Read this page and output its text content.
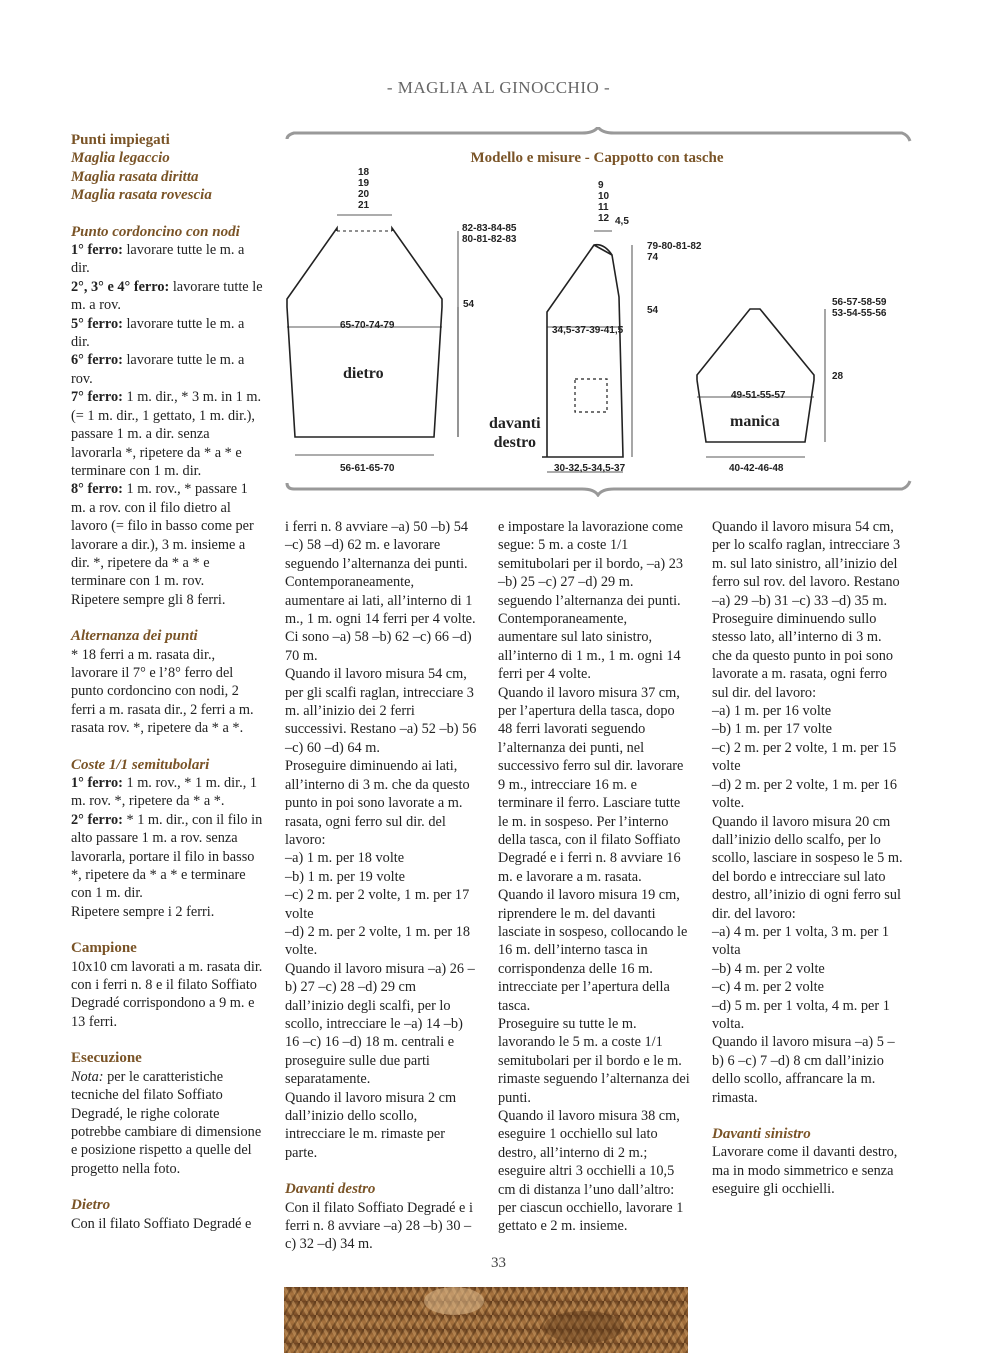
- MAGLIA AL GINOCCHIO -
Modello e misure - Cappotto con tasche
18
19
20
21
82-83-84-85
80-81-82-83
54
65-70-74-79
dietro
56-61-65-70
9
10
11
12 4,5
79-80-81-82
74
54
34,5-37-39-41,5
davanti
destro
30-32,5-34,5-37
56-57-58-59
53-54-55-56
28
49-51-55-57
manica
40-42-46-48

Punti impiegati

Maglia legaccio

Maglia rasata diritta

Maglia rasata rovescia

Punto cordoncino con nodi

1° ferro: lavorare tutte le m. a dir.

2°, 3° e 4° ferro: lavorare tutte le m. a rov.

5° ferro: lavorare tutte le m. a dir.

6° ferro: lavorare tutte le m. a rov.

7° ferro: 1 m. dir., * 3 m. in 1 m. (= 1 m. dir., 1 gettato, 1 m. dir.), passare 1 m. a dir. senza lavorarla *, ripetere da * a * e terminare con 1 m. dir.

8° ferro: 1 m. rov., * passare 1 m. a rov. con il filo dietro al lavoro (= filo in basso come per lavorare a dir.), 3 m. insieme a dir. *, ripetere da * a * e terminare con 1 m. rov.

Ripetere sempre gli 8 ferri.

Alternanza dei punti

* 18 ferri a m. rasata dir., lavorare il 7° e l’8° ferro del punto cordoncino con nodi, 2 ferri a m. rasata dir., 2 ferri a m. rasata rov. *, ripetere da * a *.

Coste 1/1 semitubolari

1° ferro: 1 m. rov., * 1 m. dir., 1 m. rov. *, ripetere da * a *.

2° ferro: * 1 m. dir., con il filo in alto passare 1 m. a rov. senza lavorarla, portare il filo in basso *, ripetere da * a * e terminare con 1 m. dir.

Ripetere sempre i 2 ferri.

Campione

10x10 cm lavorati a m. rasata dir. con i ferri n. 8 e il filato Soffiato Degradé corrispondono a 9 m. e 13 ferri.

Esecuzione

Nota: per le caratteristiche tecniche del filato Soffiato Degradé, le righe colorate potrebbe cambiare di dimensione e posizione rispetto a quelle del progetto nella foto.

Dietro

Con il filato Soffiato Degradé e

i ferri n. 8 avviare –a) 50 –b) 54 –c) 58 –d) 62 m. e lavorare seguendo l’alternanza dei punti. Contemporaneamente, aumentare ai lati, all’interno di 1 m., 1 m. ogni 14 ferri per 4 volte. Ci sono –a) 58 –b) 62 –c) 66 –d) 70 m.

Quando il lavoro misura 54 cm, per gli scalfi raglan, intrecciare 3 m. all’inizio dei 2 ferri successivi. Restano –a) 52 –b) 56 –c) 60 –d) 64 m.

Proseguire diminuendo ai lati, all’interno di 3 m. che da questo punto in poi sono lavorate a m. rasata, ogni ferro sul dir. del lavoro:

–a) 1 m. per 18 volte

–b) 1 m. per 19 volte

–c) 2 m. per 2 volte, 1 m. per 17 volte

–d) 2 m. per 2 volte, 1 m. per 18 volte.

Quando il lavoro misura –a) 26 –b) 27 –c) 28 –d) 29 cm dall’inizio degli scalfi, per lo scollo, intrecciare le –a) 14 –b) 16 –c) 16 –d) 18 m. centrali e proseguire sulle due parti separatamente.

Quando il lavoro misura 2 cm dall’inizio dello scollo, intrecciare le m. rimaste per parte.

Davanti destro

Con il filato Soffiato Degradé e i ferri n. 8 avviare –a) 28 –b) 30 –c) 32 –d) 34 m.

e impostare la lavorazione come segue: 5 m. a coste 1/1 semitubolari per il bordo, –a) 23 –b) 25 –c) 27 –d) 29 m. seguendo l’alternanza dei punti. Contemporaneamente, aumentare sul lato sinistro, all’interno di 1 m., 1 m. ogni 14 ferri per 4 volte.

Quando il lavoro misura 37 cm, per l’apertura della tasca, dopo 48 ferri lavorati seguendo l’alternanza dei punti, nel successivo ferro sul dir. lavorare 9 m., intrecciare 16 m. e terminare il ferro. Lasciare tutte le m. in sospeso. Per l’interno della tasca, con il filato Soffiato Degradé e i ferri n. 8 avviare 16 m. e lavorare a m. rasata. Quando il lavoro misura 19 cm, riprendere le m. del davanti lasciate in sospeso, collocando le 16 m. dell’interno tasca in corrispondenza delle 16 m. intrecciate per l’apertura della tasca.

Proseguire su tutte le m. lavorando le 5 m. a coste 1/1 semitubolari per il bordo e le m. rimaste seguendo l’alternanza dei punti.

Quando il lavoro misura 38 cm, eseguire 1 occhiello sul lato destro, all’interno di 2 m.; eseguire altri 3 occhielli a 10,5 cm di distanza l’uno dall’altro: per ciascun occhiello, lavorare 1 gettato e 2 m. insieme.

Quando il lavoro misura 54 cm, per lo scalfo raglan, intrecciare 3 m. sul lato sinistro, all’inizio del ferro sul rov. del lavoro. Restano –a) 29 –b) 31 –c) 33 –d) 35 m.

Proseguire diminuendo sullo stesso lato, all’interno di 3 m. che da questo punto in poi sono lavorate a m. rasata, ogni ferro sul dir. del lavoro:

–a) 1 m. per 16 volte

–b) 1 m. per 17 volte

–c) 2 m. per 2 volte, 1 m. per 15 volte

–d) 2 m. per 2 volte, 1 m. per 16 volte.

Quando il lavoro misura 20 cm dall’inizio dello scalfo, per lo scollo, lasciare in sospeso le 5 m. del bordo e intrecciare sul lato destro, all’inizio di ogni ferro sul dir. del lavoro:

–a) 4 m. per 1 volta, 3 m. per 1 volta

–b) 4 m. per 2 volte

–c) 4 m. per 2 volte

–d) 5 m. per 1 volta, 4 m. per 1 volta.

Quando il lavoro misura –a) 5 –b) 6 –c) 7 –d) 8 cm dall’inizio dello scollo, affrancare la m. rimasta.

Davanti sinistro

Lavorare come il davanti destro, ma in modo simmetrico e senza eseguire gli occhielli.

33
